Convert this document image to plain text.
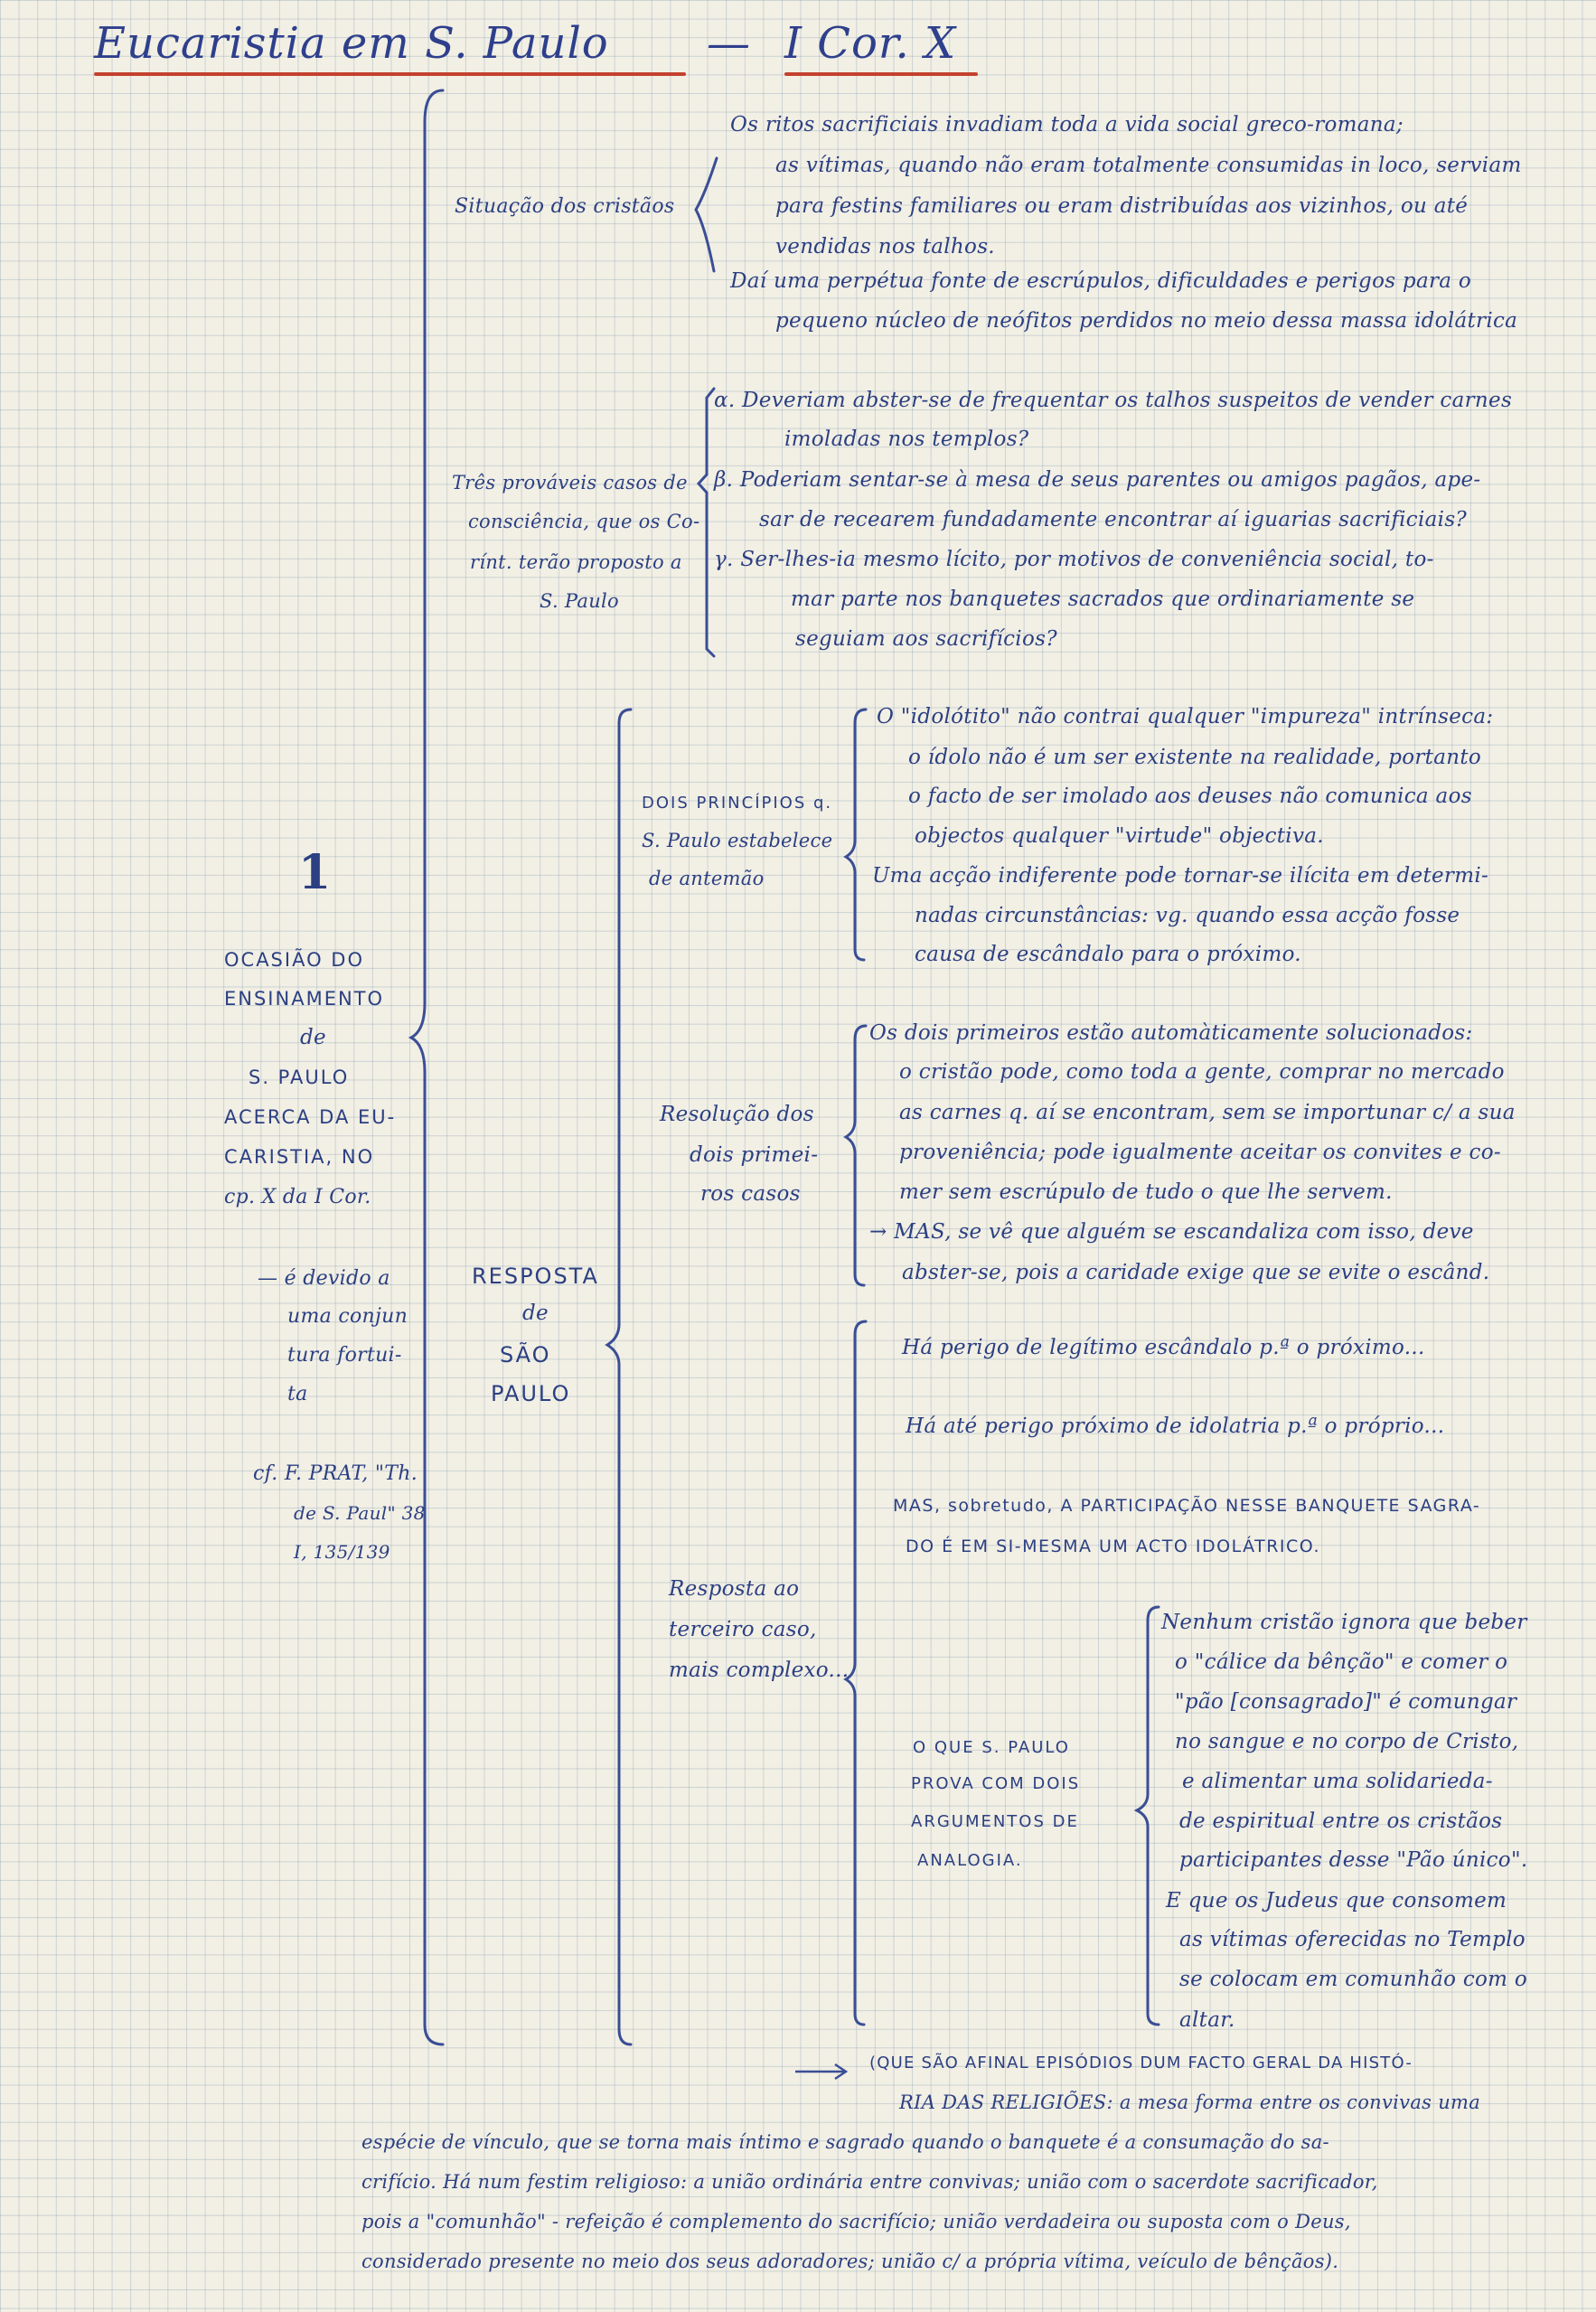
Eucaristia em S. Paulo — I Cor. X
Situação dos cristãos
Os ritos sacrificiais invadiam toda a vida social greco-romana;
as vítimas, quando não eram totalmente consumidas in loco, serviam
para festins familiares ou eram distribuídas aos vizinhos, ou até
vendidas nos talhos.
Daí uma perpétua fonte de escrúpulos, dificuldades e perigos para o
pequeno núcleo de neófitos perdidos no meio dessa massa idolátrica
Três prováveis casos de
consciência, que os Co-
rínt. terão proposto a
S. Paulo
α. Deveriam abster-se de frequentar os talhos suspeitos de vender carnes
imoladas nos templos?
β. Poderiam sentar-se à mesa de seus parentes ou amigos pagãos, ape-
sar de recearem fundadamente encontrar aí iguarias sacrificiais?
γ. Ser-lhes-ia mesmo lícito, por motivos de conveniência social, to-
mar parte nos banquetes sacrados que ordinariamente se
seguiam aos sacrifícios?
1
OCASIÃO DO
ENSINAMENTO
de
S. PAULO
ACERCA DA EU-
CARISTIA, NO
cp. X da I Cor.
— é devido a
uma conjun
tura fortui-
ta
cf. F. PRAT, "Th.
de S. Paul" 38
I, 135/139
RESPOSTA
de
SÃO
PAULO
DOIS PRINCÍPIOS q.
S. Paulo estabelece
de antemão
O "idolótito" não contrai qualquer "impureza" intrínseca:
o ídolo não é um ser existente na realidade, portanto
o facto de ser imolado aos deuses não comunica aos
objectos qualquer "virtude" objectiva.
Uma acção indiferente pode tornar-se ilícita em determi-
nadas circunstâncias: vg. quando essa acção fosse
causa de escândalo para o próximo.
Resolução dos
dois primei-
ros casos
Os dois primeiros estão automàticamente solucionados:
o cristão pode, como toda a gente, comprar no mercado
as carnes q. aí se encontram, sem se importunar c/ a sua
proveniência; pode igualmente aceitar os convites e co-
mer sem escrúpulo de tudo o que lhe servem.
→ MAS, se vê que alguém se escandaliza com isso, deve
abster-se, pois a caridade exige que se evite o escând.
Há perigo de legítimo escândalo p.ª o próximo...
Há até perigo próximo de idolatria p.ª o próprio...
Resposta ao
terceiro caso,
mais complexo...
MAS, sobretudo, A PARTICIPAÇÃO NESSE BANQUETE SAGRA-
DO É EM SI-MESMA UM ACTO IDOLÁTRICO.
O QUE S. PAULO
PROVA COM DOIS
ARGUMENTOS DE
ANALOGIA.
Nenhum cristão ignora que beber
o "cálice da bênção" e comer o
"pão [consagrado]" é comungar
no sangue e no corpo de Cristo,
e alimentar uma solidarieda-
de espiritual entre os cristãos
participantes desse "Pão único".
E que os Judeus que consomem
as vítimas oferecidas no Templo
se colocam em comunhão com o
altar.
(QUE SÃO AFINAL EPISÓDIOS DUM FACTO GERAL DA HISTÓ-
RIA DAS RELIGIÕES: a mesa forma entre os convivas uma
espécie de vínculo, que se torna mais íntimo e sagrado quando o banquete é a consumação do sa-
crifício. Há num festim religioso: a união ordinária entre convivas; união com o sacerdote sacrificador,
pois a "comunhão" - refeição é complemento do sacrifício; união verdadeira ou suposta com o Deus,
considerado presente no meio dos seus adoradores; união c/ a própria vítima, veículo de bênçãos).
